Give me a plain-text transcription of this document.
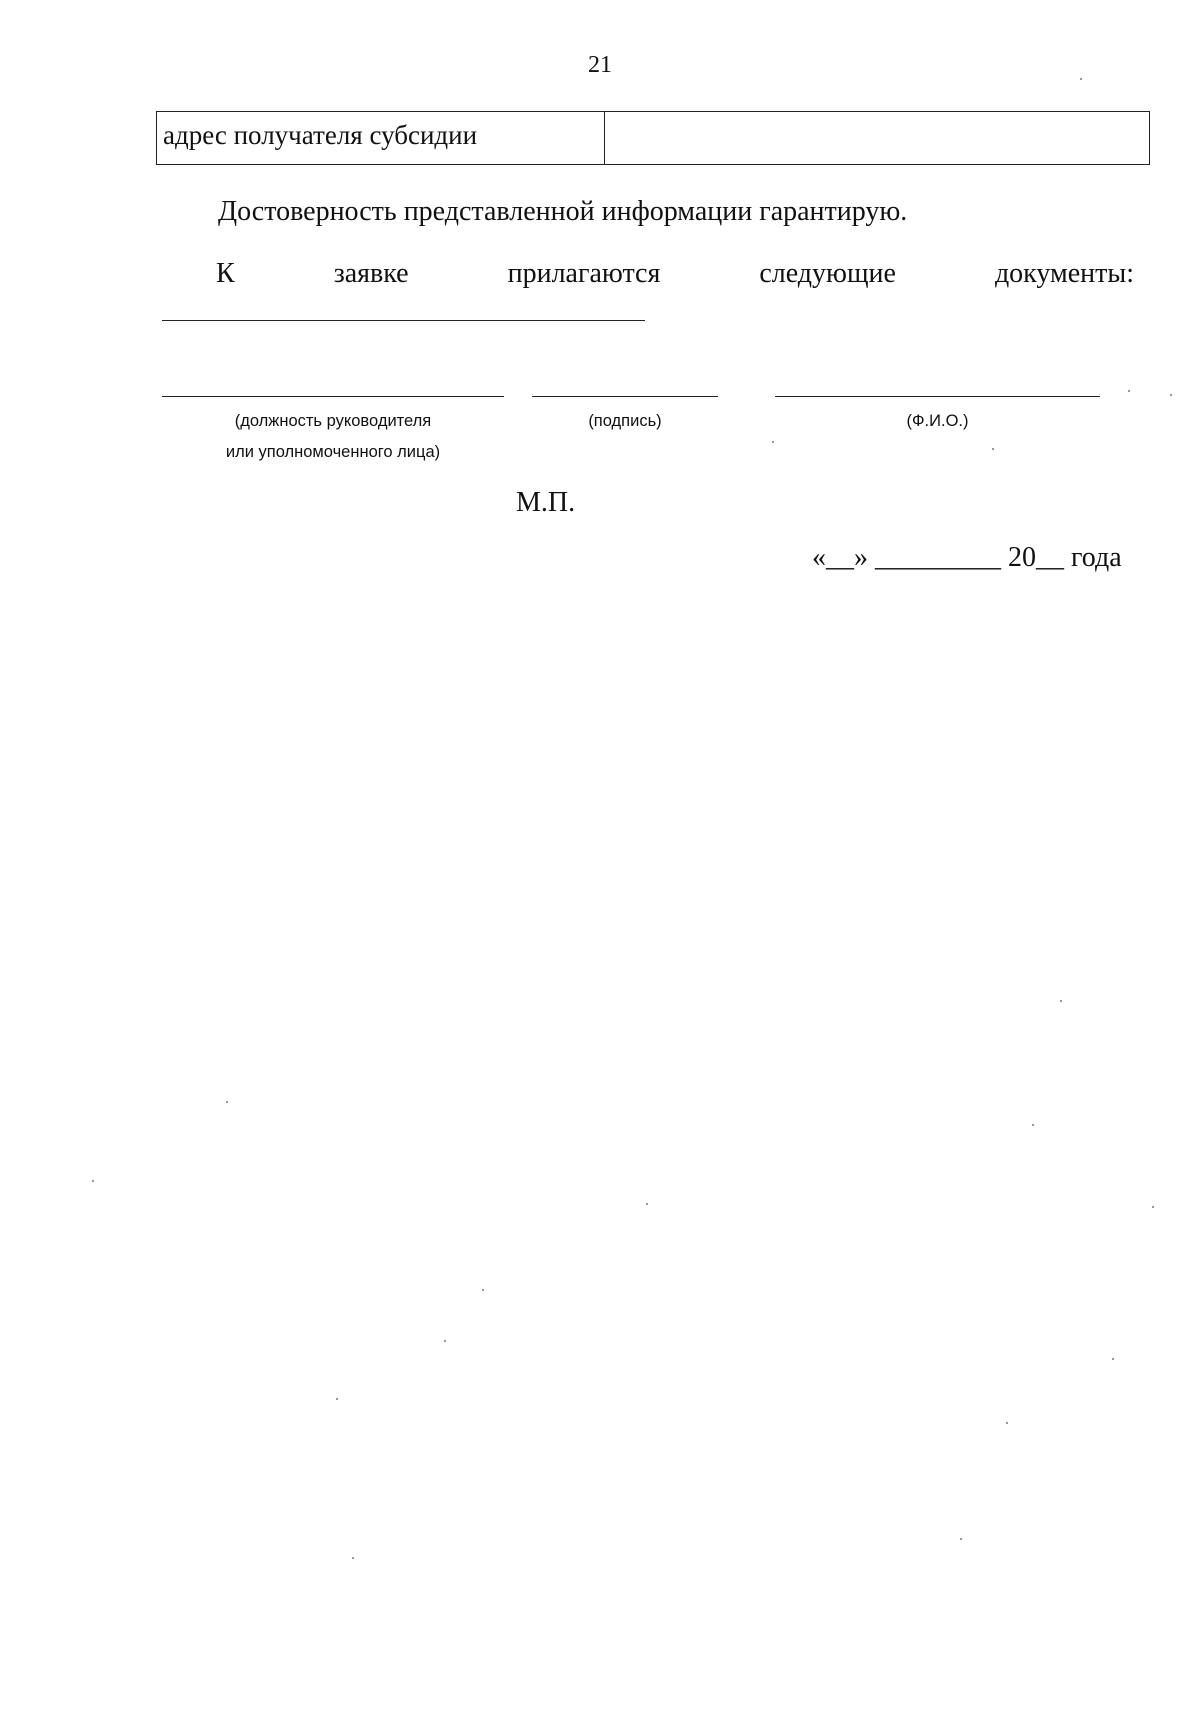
21
адрес получателя субсидии
Достоверность представленной информации гарантирую.
К	заявке	прилагаются	следующие	документы:
(должность руководителя
или уполномоченного лица)
(подпись)	(Ф.И.О.)
М.П.
«__» _________ 20__ года
